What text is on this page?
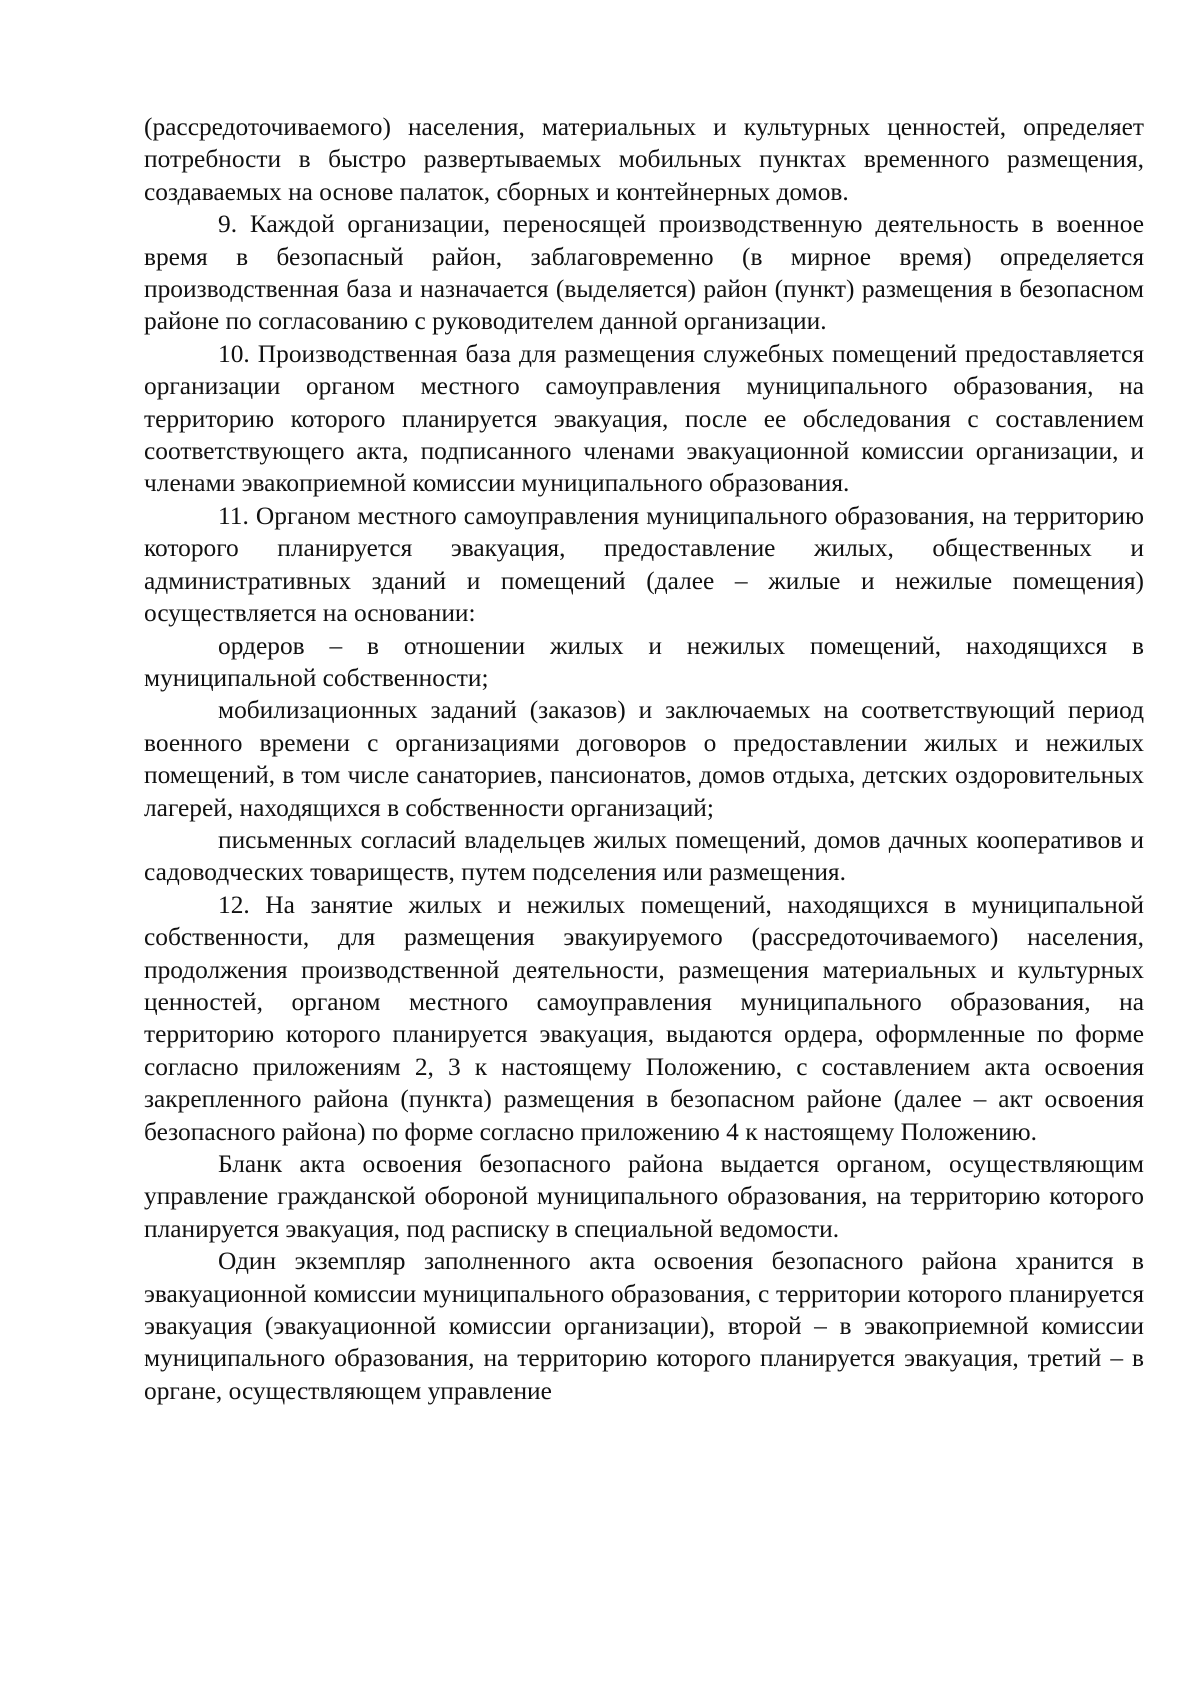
(рассредоточиваемого) населения, материальных и культурных ценностей, определяет потребности в быстро развертываемых мобильных пунктах временного размещения, создаваемых на основе палаток, сборных и контейнерных домов.

9. Каждой организации, переносящей производственную деятельность в военное время в безопасный район, заблаговременно (в мирное время) определяется производственная база и назначается (выделяется) район (пункт) размещения в безопасном районе по согласованию с руководителем данной организации.

10. Производственная база для размещения служебных помещений предоставляется организации органом местного самоуправления муниципального образования, на территорию которого планируется эвакуация, после ее обследования с составлением соответствующего акта, подписанного членами эвакуационной комиссии организации, и членами эвакоприемной комиссии муниципального образования.

11. Органом местного самоуправления муниципального образования, на территорию которого планируется эвакуация, предоставление жилых, общественных и административных зданий и помещений (далее – жилые и нежилые помещения) осуществляется на основании:

ордеров – в отношении жилых и нежилых помещений, находящихся в муниципальной собственности;

мобилизационных заданий (заказов) и заключаемых на соответствующий период военного времени с организациями договоров о предоставлении жилых и нежилых помещений, в том числе санаториев, пансионатов, домов отдыха, детских оздоровительных лагерей, находящихся в собственности организаций;

письменных согласий владельцев жилых помещений, домов дачных кооперативов и садоводческих товариществ, путем подселения или размещения.

12. На занятие жилых и нежилых помещений, находящихся в муниципальной собственности, для размещения эвакуируемого (рассредоточиваемого) населения, продолжения производственной деятельности, размещения материальных и культурных ценностей, органом местного самоуправления муниципального образования, на территорию которого планируется эвакуация, выдаются ордера, оформленные по форме согласно приложениям 2, 3 к настоящему Положению, с составлением акта освоения закрепленного района (пункта) размещения в безопасном районе (далее – акт освоения безопасного района) по форме согласно приложению 4 к настоящему Положению.

Бланк акта освоения безопасного района выдается органом, осуществляющим управление гражданской обороной муниципального образования, на территорию которого планируется эвакуация, под расписку в специальной ведомости.

Один экземпляр заполненного акта освоения безопасного района хранится в эвакуационной комиссии муниципального образования, с территории которого планируется эвакуация (эвакуационной комиссии организации), второй – в эвакоприемной комиссии муниципального образования, на территорию которого планируется эвакуация, третий – в органе, осуществляющем управление
